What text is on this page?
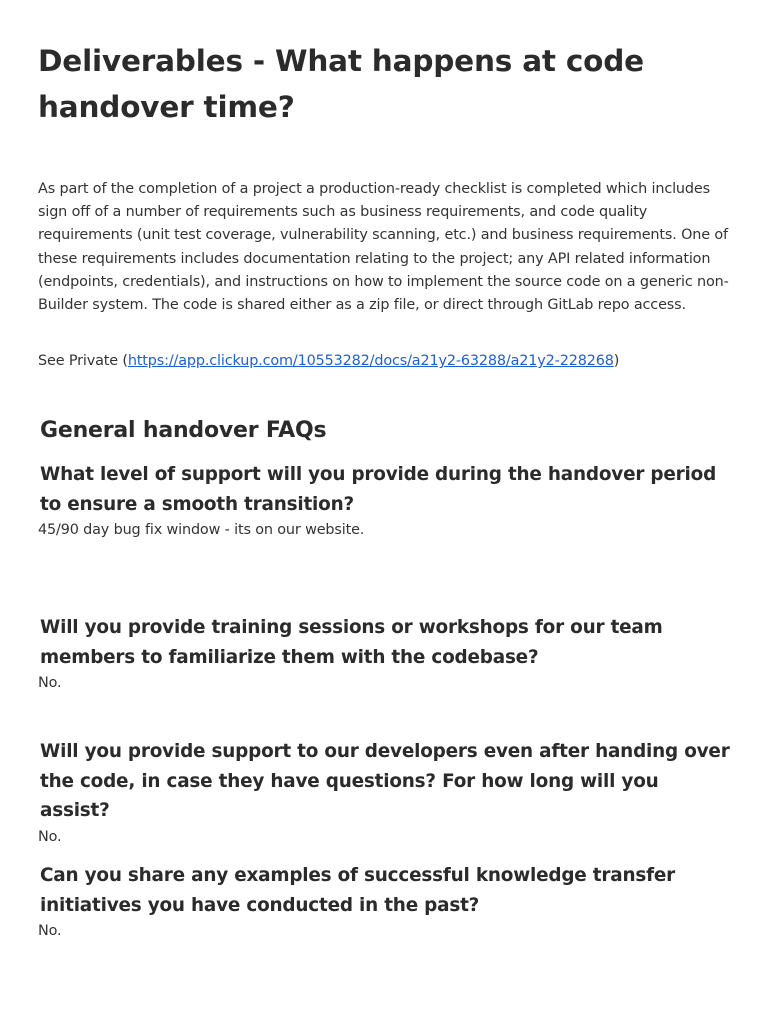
Deliverables - What happens at code handover time?

As part of the completion of a project a production-ready checklist is completed which includes sign off of a number of requirements such as business requirements, and code quality requirements (unit test coverage, vulnerability scanning, etc.) and business requirements. One of these requirements includes documentation relating to the project; any API related information (endpoints, credentials), and instructions on how to implement the source code on a generic non-Builder system. The code is shared either as a zip file, or direct through GitLab repo access.

See Private (https://app.clickup.com/10553282/docs/a21y2-63288/a21y2-228268)

General handover FAQs
What level of support will you provide during the handover period to ensure a smooth transition?

45/90 day bug fix window - its on our website.

Will you provide training sessions or workshops for our team members to familiarize them with the codebase?

No.

Will you provide support to our developers even after handing over the code, in case they have questions? For how long will you assist?

No.

Can you share any examples of successful knowledge transfer initiatives you have conducted in the past?

No.
